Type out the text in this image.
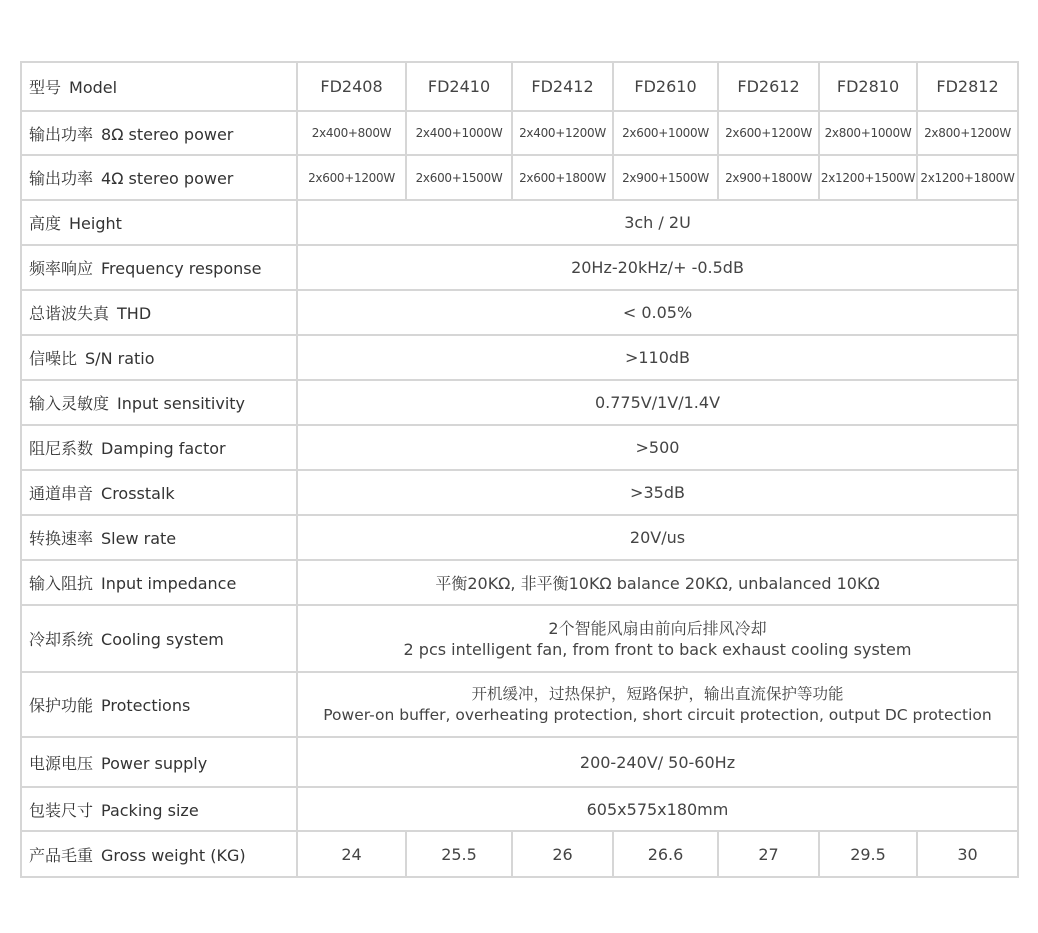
型号 Model	FD2408	FD2410	FD2412	FD2610	FD2612	FD2810	FD2812
输出功率 8Ω stereo power	2x400+800W	2x400+1000W	2x400+1200W	2x600+1000W	2x600+1200W	2x800+1000W	2x800+1200W
输出功率 4Ω stereo power	2x600+1200W	2x600+1500W	2x600+1800W	2x900+1500W	2x900+1800W	2x1200+1500W	2x1200+1800W
高度 Height	3ch / 2U						
频率响应 Frequency response	20Hz-20kHz/+ -0.5dB						
总谐波失真 THD	< 0.05%						
信噪比 S/N ratio	>110dB						
输入灵敏度 Input sensitivity	0.775V/1V/1.4V						
阻尼系数 Damping factor	>500						
通道串音 Crosstalk	>35dB						
转换速率 Slew rate	20V/us						
输入阻抗 Input impedance	平衡20KΩ, 非平衡10KΩ balance 20KΩ, unbalanced 10KΩ						
冷却系统 Cooling system	2个智能风扇由前向后排风冷却
2 pcs intelligent fan, from front to back exhaust cooling system						

保护功能 Protections	开机缓冲，过热保护，短路保护，输出直流保护等功能
Power-on buffer, overheating protection, short circuit protection, output DC protection						

电源电压 Power supply	200-240V/ 50-60Hz						
包装尺寸 Packing size	605x575x180mm						
产品毛重 Gross weight (KG)	24	25.5	26	26.6	27	29.5	30
